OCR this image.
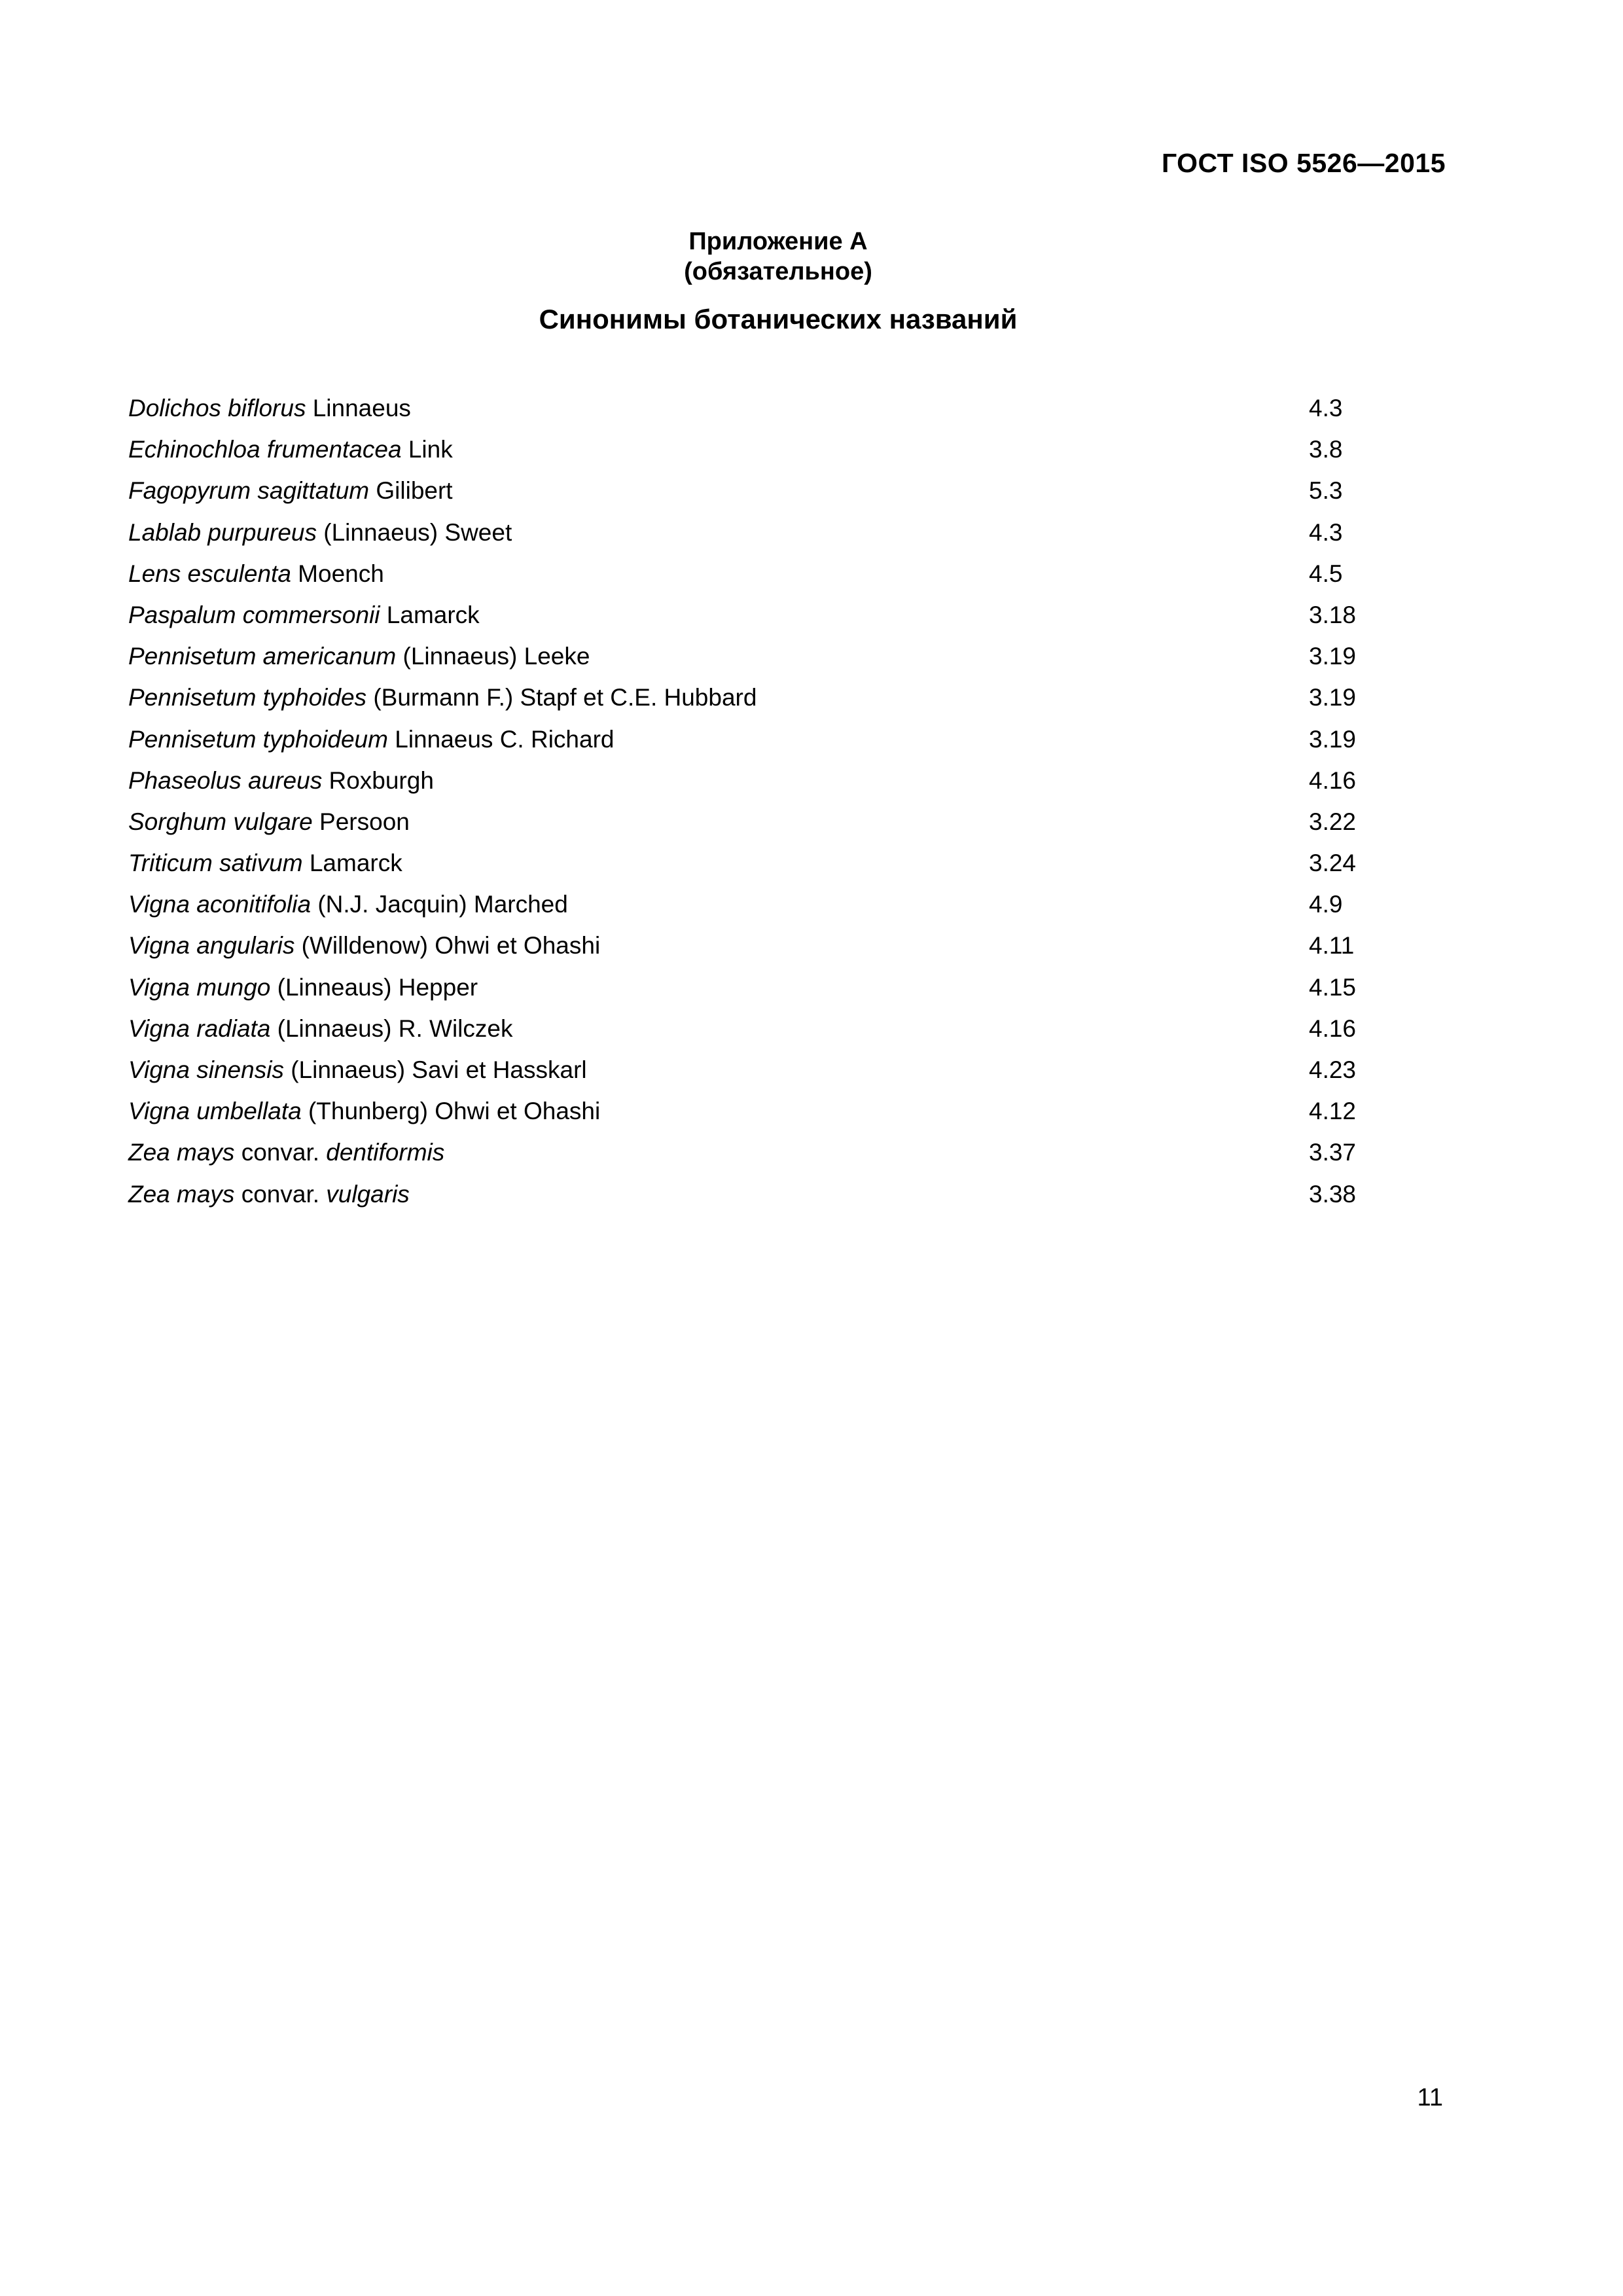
ГОСТ ISO 5526—2015
Приложение А
(обязательное)
Синонимы ботанических названий
Dolichos biflorus Linnaeus	4.3
Echinochloa frumentacea Link	3.8
Fagopyrum sagittatum Gilibert	5.3
Lablab purpureus (Linnaeus) Sweet	4.3
Lens esculenta Moench	4.5
Paspalum commersonii Lamarck	3.18
Pennisetum americanum (Linnaeus) Leeke	3.19
Pennisetum typhoides (Burmann F.) Stapf et C.E. Hubbard	3.19
Pennisetum typhoideum Linnaeus C. Richard	3.19
Phaseolus aureus Roxburgh	4.16
Sorghum vulgare Persoon	3.22
Triticum sativum Lamarck	3.24
Vigna aconitifolia (N.J. Jacquin) Marched	4.9
Vigna angularis (Willdenow) Ohwi et Ohashi	4.11
Vigna mungo (Linneaus) Hepper	4.15
Vigna radiata (Linnaeus) R. Wilczek	4.16
Vigna sinensis (Linnaeus) Savi et Hasskarl	4.23
Vigna umbellata (Thunberg) Ohwi et Ohashi	4.12
Zea mays convar. dentiformis	3.37
Zea mays convar. vulgaris	3.38
11
